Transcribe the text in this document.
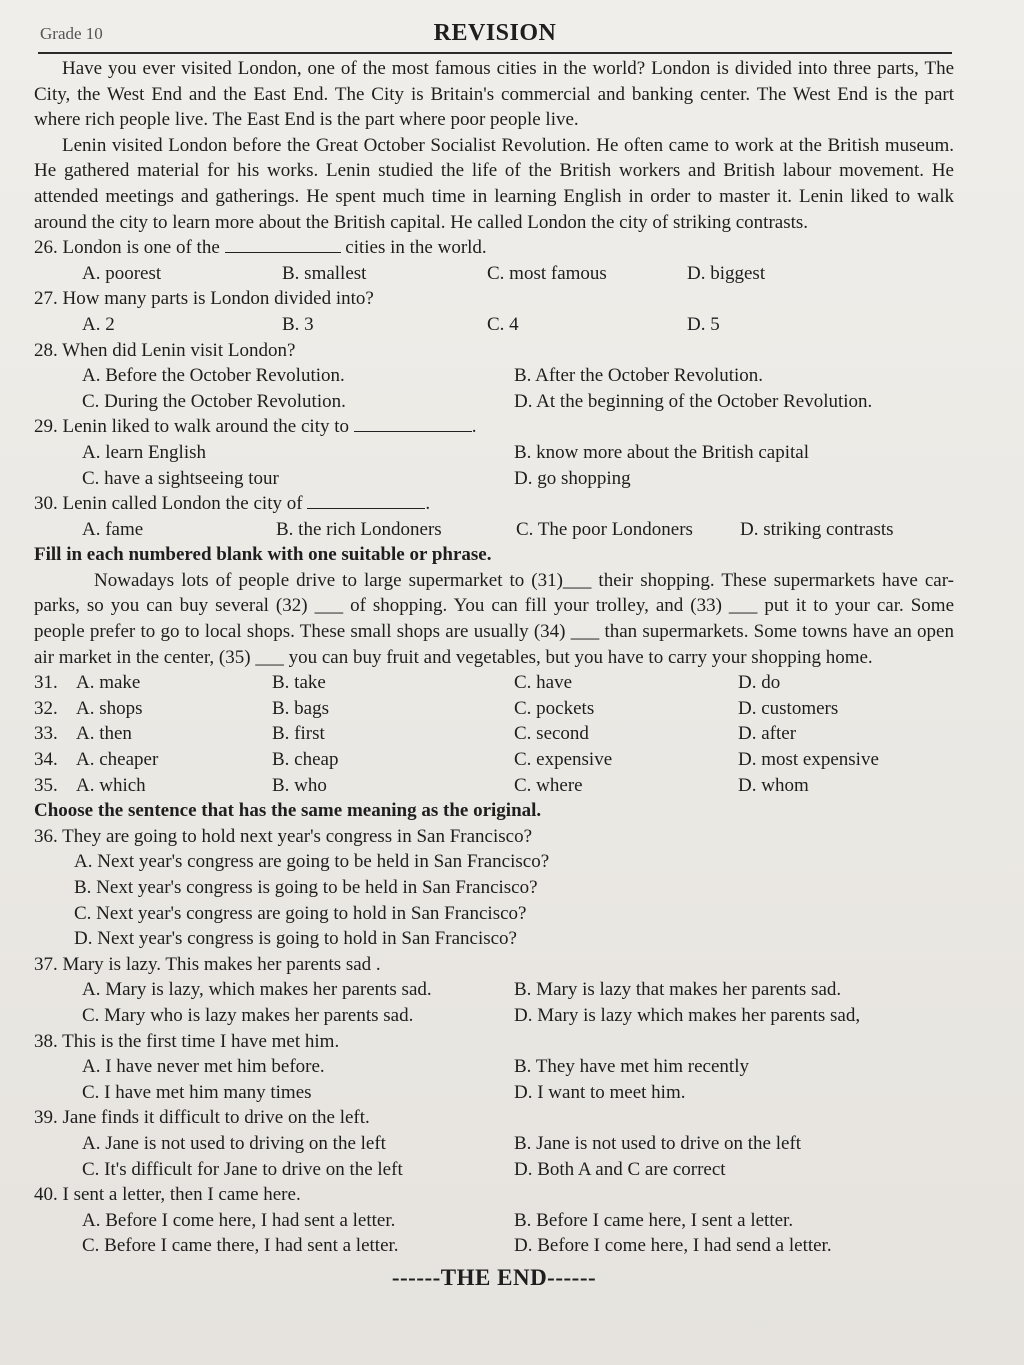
Grade 10	REVISION

Have you ever visited London, one of the most famous cities in the world? London is divided into three parts, The City, the West End and the East End. The City is Britain's commercial and banking center. The West End is the part where rich people live. The East End is the part where poor people live.

Lenin visited London before the Great October Socialist Revolution. He often came to work at the British museum. He gathered material for his works. Lenin studied the life of the British workers and British labour movement. He attended meetings and gatherings. He spent much time in learning English in order to master it. Lenin liked to walk around the city to learn more about the British capital. He called London the city of striking contrasts.

26. London is one of the	cities in the world.

A. poorest	B. smallest	C. most famous	D. biggest

27. How many parts is London divided into?

A. 2	B. 3	C. 4	D. 5

28. When did Lenin visit London?

A. Before the October Revolution.	B. After the October Revolution.
C. During the October Revolution.	D. At the beginning of the October Revolution.

29. Lenin liked to walk around the city to	.

A. learn English	B. know more about the British capital
C. have a sightseeing tour	D. go shopping

30. Lenin called London the city of	.

A. fame	B. the rich Londoners	C. The poor Londoners	D. striking contrasts

Fill in each numbered blank with one suitable or phrase.

Nowadays lots of people drive to large supermarket to (31)___ their shopping. These supermarkets have car-parks, so you can buy several (32) ___ of shopping. You can fill your trolley, and (33) ___ put it to your car. Some people prefer to go to local shops. These small shops are usually (34) ___ than supermarkets. Some towns have an open air market in the center, (35) ___ you can buy fruit and vegetables, but you have to carry your shopping home.

31. A. make	B. take	C. have	D. do
32. A. shops	B. bags	C. pockets	D. customers
33. A. then	B. first	C. second	D. after
34. A. cheaper	B. cheap	C. expensive	D. most expensive
35. A. which	B. who	C. where	D. whom

Choose the sentence that has the same meaning as the original.

36. They are going to hold next year's congress in San Francisco?

A. Next year's congress are going to be held in San Francisco?

B. Next year's congress is going to be held in San Francisco?

C. Next year's congress are going to hold in San Francisco?

D. Next year's congress is going to hold in San Francisco?

37. Mary is lazy. This makes her parents sad .

A. Mary is lazy, which makes her parents sad.	B. Mary is lazy that makes her parents sad.
C. Mary who is lazy makes her parents sad.	D. Mary is lazy which makes her parents sad,

38. This is the first time I have met him.

A. I have never met him before.	B. They have met him recently
C. I have met him many times	D. I want to meet him.

39. Jane finds it difficult to drive on the left.

A. Jane is not used to driving on the left	B. Jane is not used to drive on the left
C. It's difficult for Jane to drive on the left	D. Both A and C are correct

40. I sent a letter, then I came here.

A. Before I come here, I had sent a letter.	B. Before I came here, I sent a letter.
C. Before I came there, I had sent a letter.	D. Before I come here, I had send a letter.
------THE END------
